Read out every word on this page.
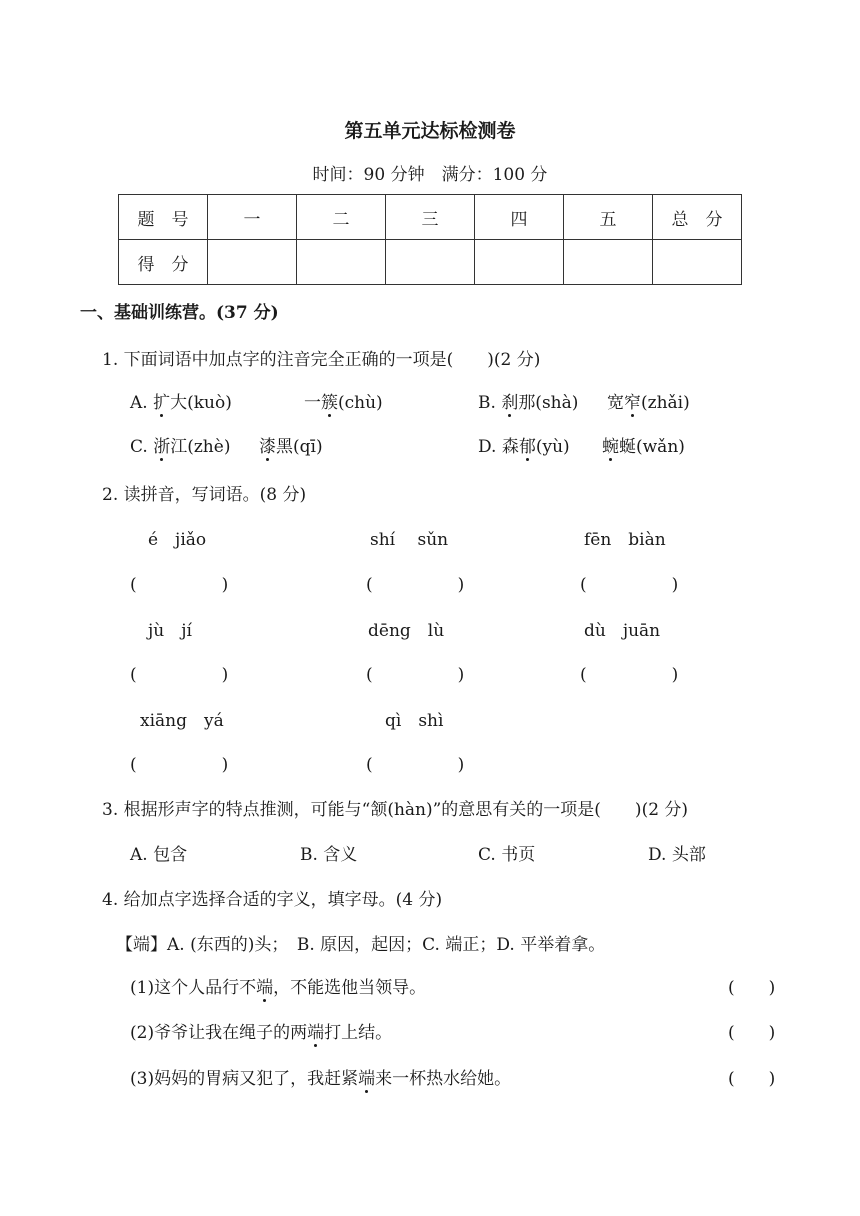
第五单元达标检测卷
时间：90 分钟　满分：100 分
题　号	一	二	三	四	五	总　分
得　分						
一、基础训练营。(37 分)
1. 下面词语中加点字的注音完全正确的一项是(　　)(2 分)
A. 扩大(kuò)	一簇(chù)	B. 刹那(shà) 宽窄(zhǎi)
C. 浙江(zhè) 漆黑(qī)	D. 森郁(yù) 蜿蜒(wǎn)
2. 读拼音，写词语。(8 分)
é　jiǎo	shí　 sǔn	fēn　biàn
(　　　　　)	(　　　　　)	(　　　　　)
jù　jí	dēng　lù	dù　juān
(　　　　　)	(　　　　　)	(　　　　　)
xiāng　yá	qì　shì
(　　　　　)	(　　　　　)
3. 根据形声字的特点推测，可能与“颔(hàn)”的意思有关的一项是(　　)(2 分)
A. 包含	B. 含义	C. 书页	D. 头部
4. 给加点字选择合适的字义，填字母。(4 分)
【端】A. (东西的)头；　B. 原因，起因；C. 端正；D. 平举着拿。
(1)这个人品行不端，不能选他当领导。	(　　)
(2)爷爷让我在绳子的两端打上结。	(　　)
(3)妈妈的胃病又犯了，我赶紧端来一杯热水给她。	(　　)
